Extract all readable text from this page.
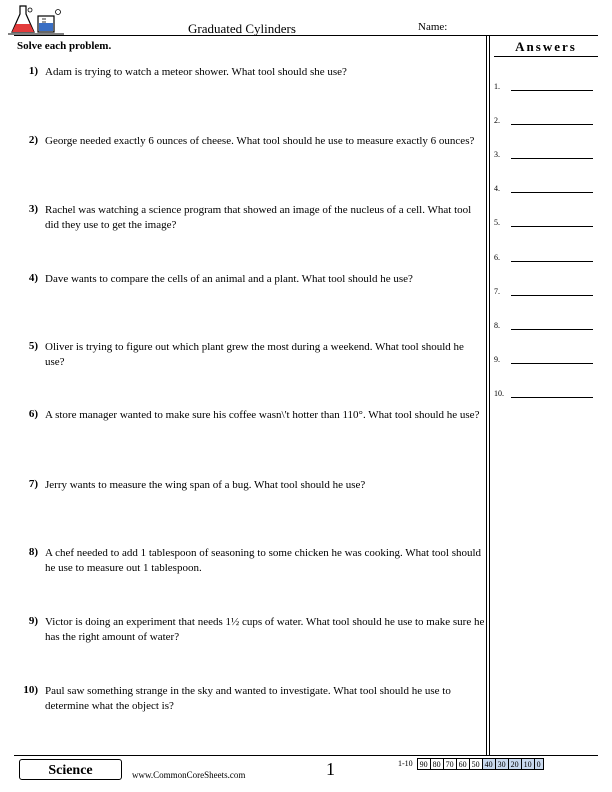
Graduated Cylinders	Name:
Solve each problem.	Answers
1) Adam is trying to watch a meteor shower. What tool should she use?
2) George needed exactly 6 ounces of cheese. What tool should he use to measure exactly 6 ounces?
3) Rachel was watching a science program that showed an image of the nucleus of a cell. What tool did they use to get the image?
4) Dave wants to compare the cells of an animal and a plant. What tool should he use?
5) Oliver is trying to figure out which plant grew the most during a weekend. What tool should he use?
6) A store manager wanted to make sure his coffee wasn\'t hotter than 110°. What tool should he use?
7) Jerry wants to measure the wing span of a bug. What tool should he use?
8) A chef needed to add 1 tablespoon of seasoning to some chicken he was cooking. What tool should he use to measure out 1 tablespoon.
9) Victor is doing an experiment that needs 1½ cups of water. What tool should he use to make sure he has the right amount of water?
10) Paul saw something strange in the sky and wanted to investigate. What tool should he use to determine what the object is?
1.
2.
3.
4.
5.
6.
7.
8.
9.
10.
Science	www.CommonCoreSheets.com	1	1-10 90 80 70 60 50 40 30 20 10 0
